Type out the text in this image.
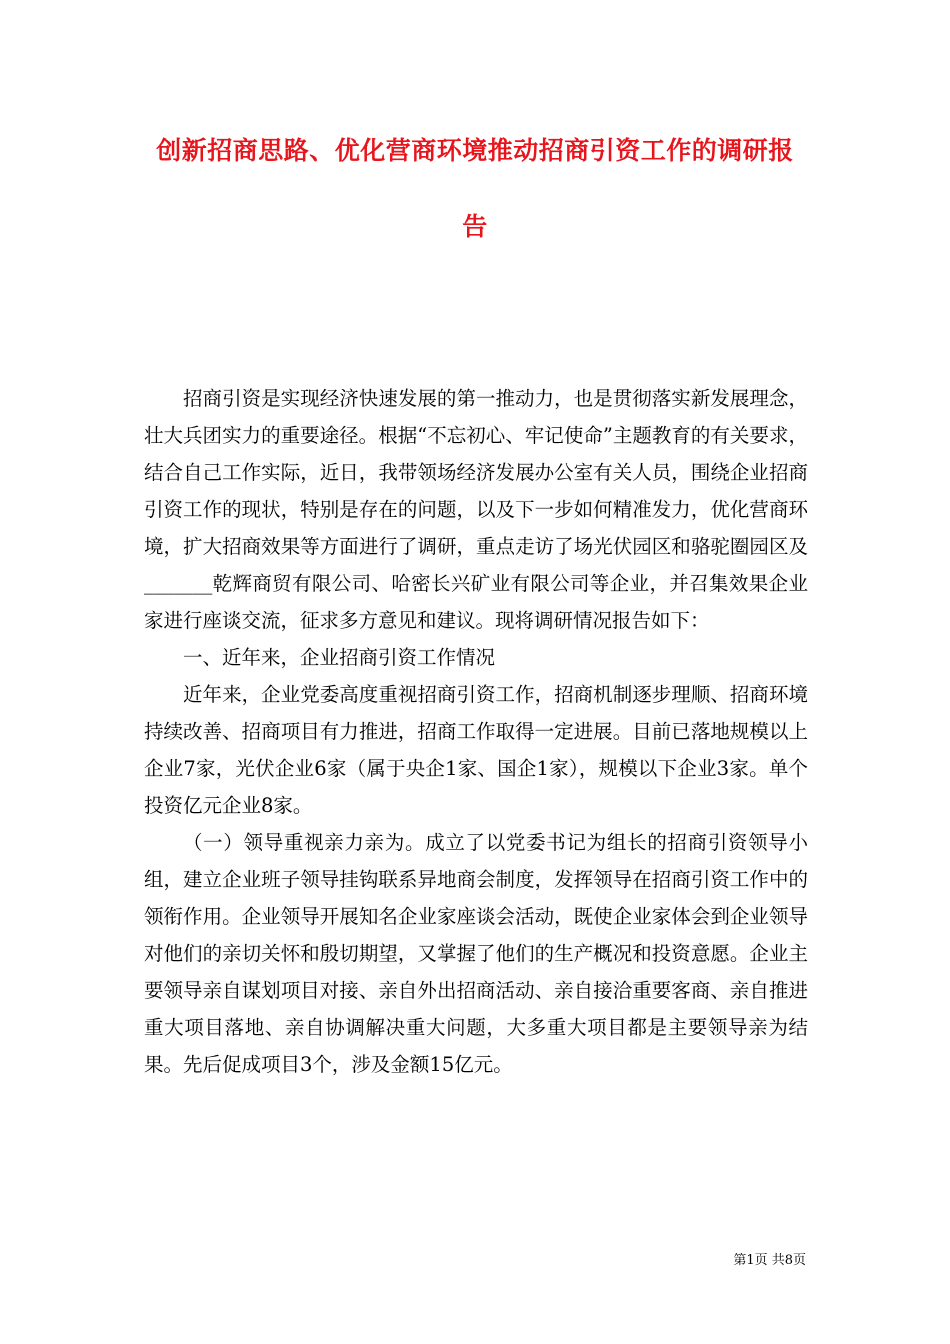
创新招商思路、优化营商环境推动招商引资工作的调研报
告

招商引资是实现经济快速发展的第一推动力，也是贯彻落实新发展理念，壮大兵团实力的重要途径。根据“不忘初心、牢记使命”主题教育的有关要求，结合自己工作实际，近日，我带领场经济发展办公室有关人员，围绕企业招商引资工作的现状，特别是存在的问题，以及下一步如何精准发力，优化营商环境，扩大招商效果等方面进行了调研，重点走访了场光伏园区和骆驼圈园区及_______乾辉商贸有限公司、哈密长兴矿业有限公司等企业，并召集效果企业家进行座谈交流，征求多方意见和建议。现将调研情况报告如下：

一、近年来，企业招商引资工作情况

近年来，企业党委高度重视招商引资工作，招商机制逐步理顺、招商环境持续改善、招商项目有力推进，招商工作取得一定进展。目前已落地规模以上企业7家，光伏企业6家（属于央企1家、国企1家），规模以下企业3家。单个投资亿元企业8家。

（一）领导重视亲力亲为。成立了以党委书记为组长的招商引资领导小组，建立企业班子领导挂钩联系异地商会制度，发挥领导在招商引资工作中的领衔作用。企业领导开展知名企业家座谈会活动，既使企业家体会到企业领导对他们的亲切关怀和殷切期望，又掌握了他们的生产概况和投资意愿。企业主要领导亲自谋划项目对接、亲自外出招商活动、亲自接洽重要客商、亲自推进重大项目落地、亲自协调解决重大问题，大多重大项目都是主要领导亲为结果。先后促成项目3个，涉及金额15亿元。

第1页 共8页
